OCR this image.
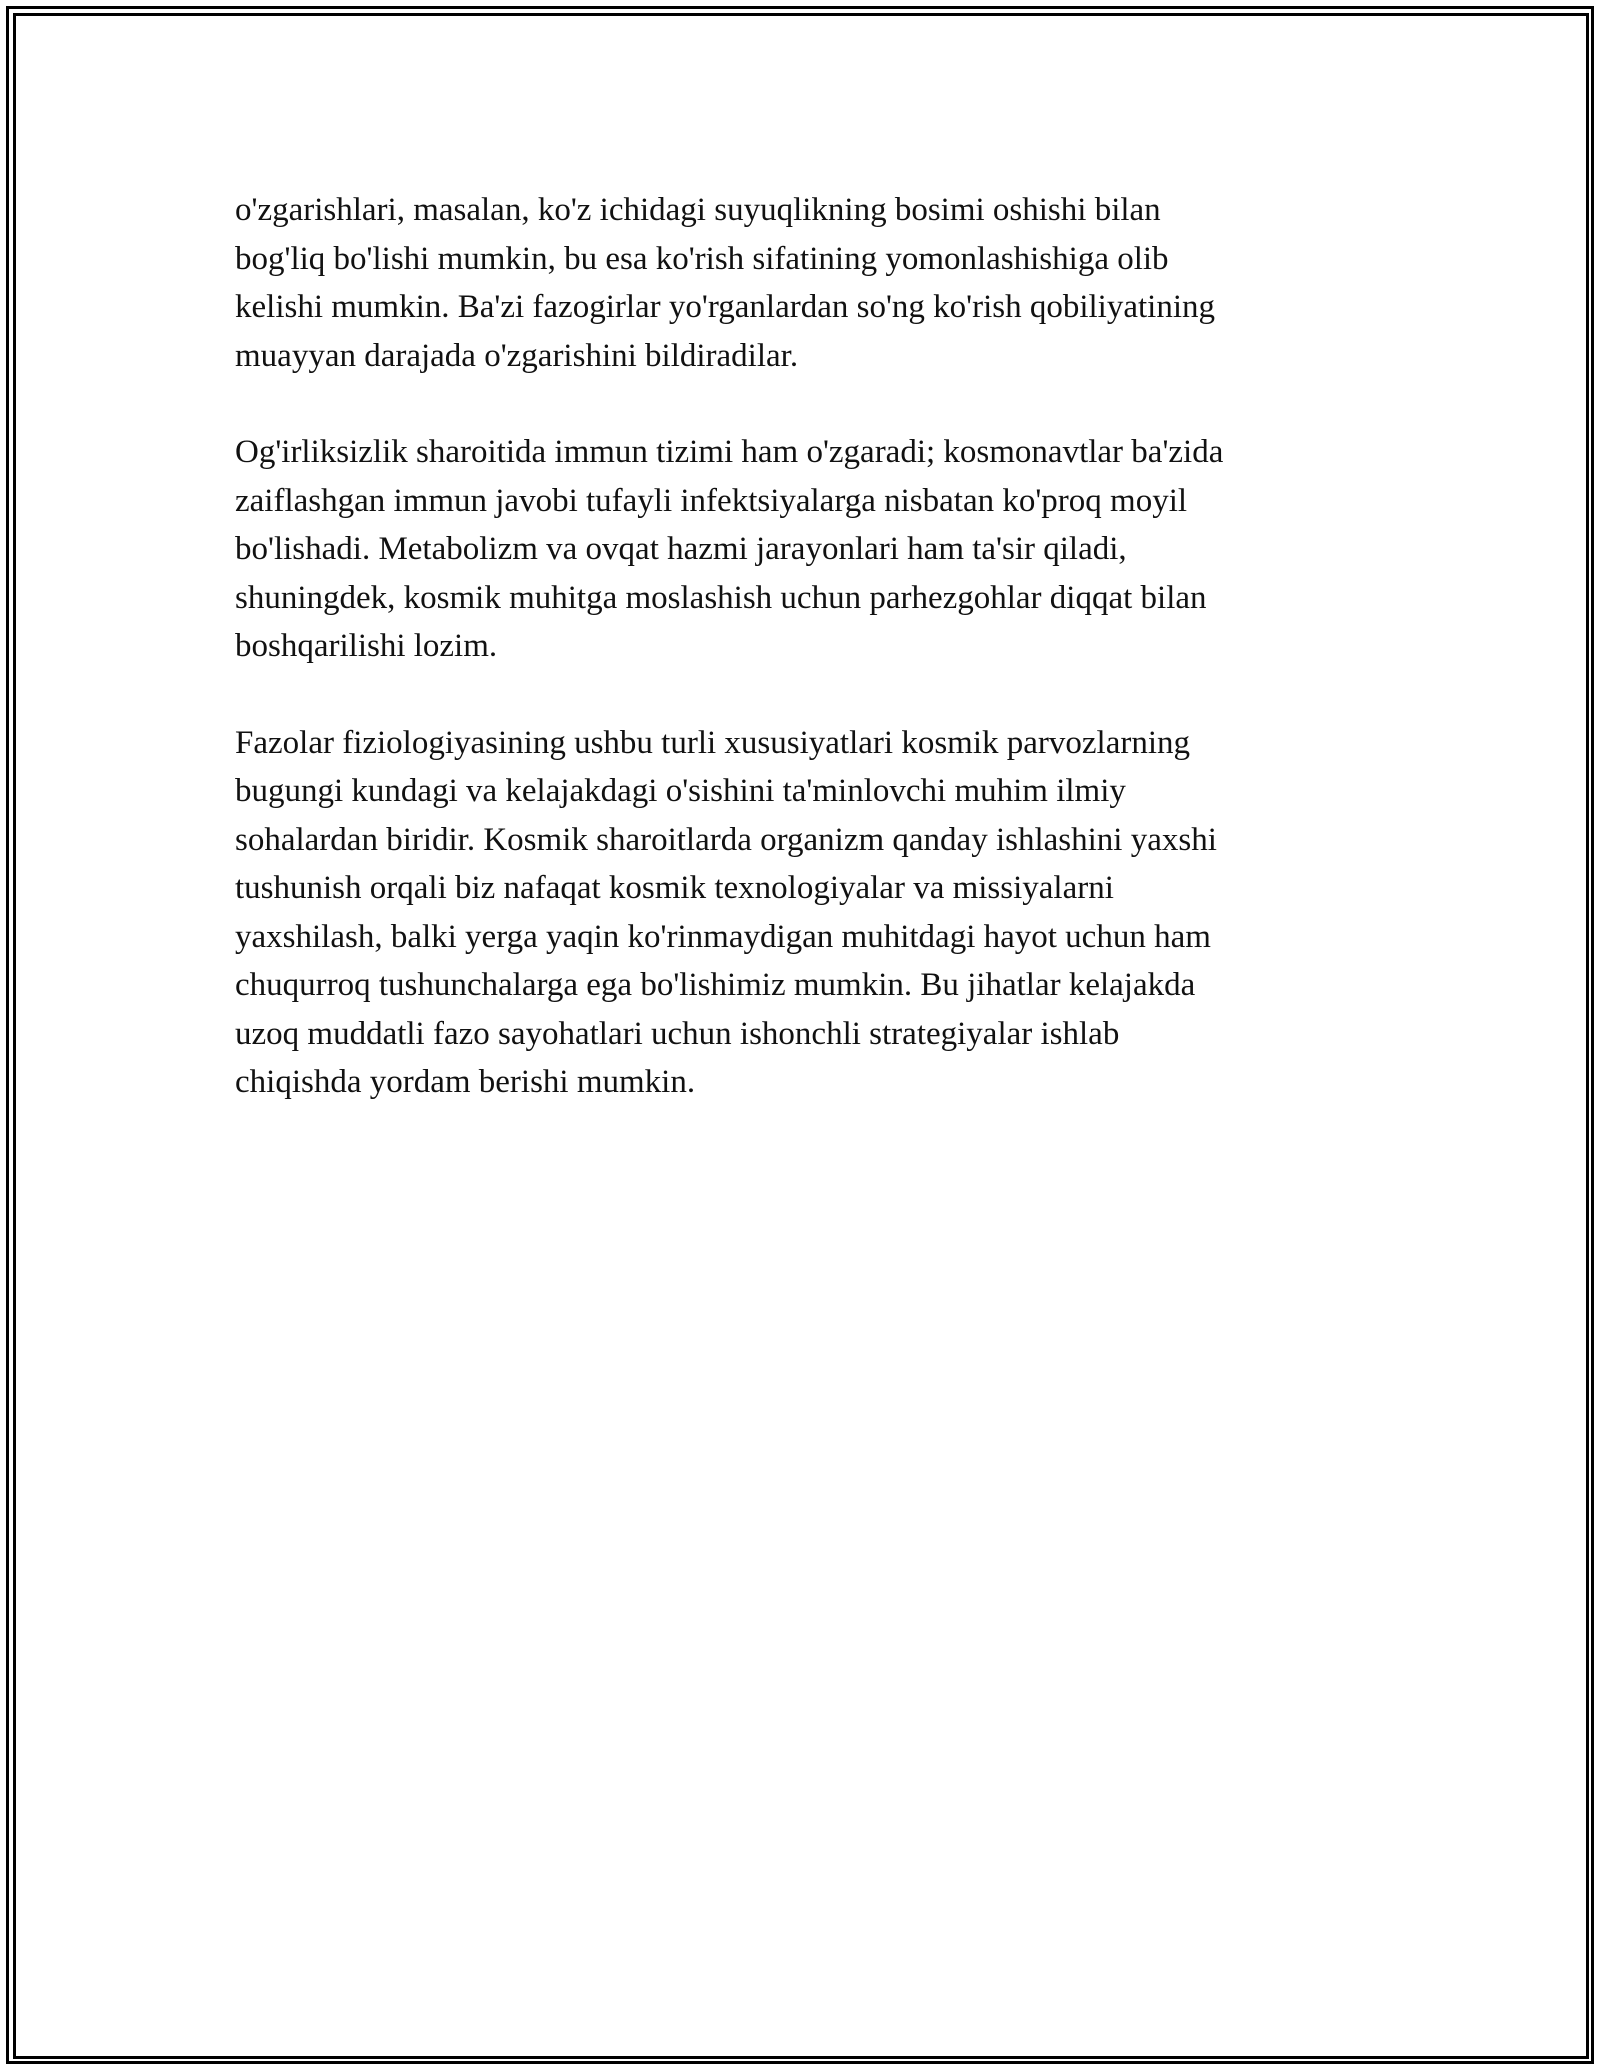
o'zgarishlari, masalan, ko'z ichidagi suyuqlikning bosimi oshishi bilan
bog'liq bo'lishi mumkin, bu esa ko'rish sifatining yomonlashishiga olib
kelishi mumkin. Ba'zi fazogirlar yo'rganlardan so'ng ko'rish qobiliyatining
muayyan darajada o'zgarishini bildiradilar.

Og'irliksizlik sharoitida immun tizimi ham o'zgaradi; kosmonavtlar ba'zida
zaiflashgan immun javobi tufayli infektsiyalarga nisbatan ko'proq moyil
bo'lishadi. Metabolizm va ovqat hazmi jarayonlari ham ta'sir qiladi,
shuningdek, kosmik muhitga moslashish uchun parhezgohlar diqqat bilan
boshqarilishi lozim.

Fazolar fiziologiyasining ushbu turli xususiyatlari kosmik parvozlarning
bugungi kundagi va kelajakdagi o'sishini ta'minlovchi muhim ilmiy
sohalardan biridir. Kosmik sharoitlarda organizm qanday ishlashini yaxshi
tushunish orqali biz nafaqat kosmik texnologiyalar va missiyalarni
yaxshilash, balki yerga yaqin ko'rinmaydigan muhitdagi hayot uchun ham
chuqurroq tushunchalarga ega bo'lishimiz mumkin. Bu jihatlar kelajakda
uzoq muddatli fazo sayohatlari uchun ishonchli strategiyalar ishlab
chiqishda yordam berishi mumkin.
